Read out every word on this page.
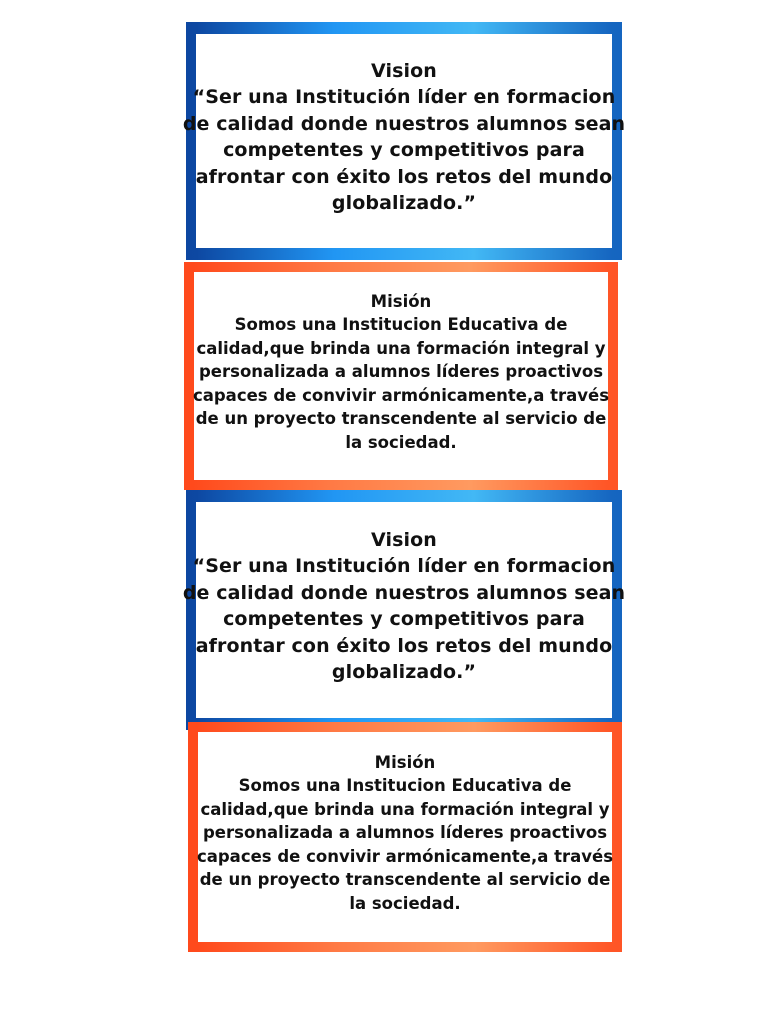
Vision

“Ser una Institución líder en formacion
de calidad donde nuestros alumnos sean
competentes y competitivos para
afrontar con éxito los retos del mundo
globalizado.”

Misión

Somos una Institucion Educativa de
calidad,que brinda una formación integral y
personalizada a alumnos líderes proactivos
capaces de convivir armónicamente,a través
de un proyecto transcendente al servicio de
la sociedad.

Vision

“Ser una Institución líder en formacion
de calidad donde nuestros alumnos sean
competentes y competitivos para
afrontar con éxito los retos del mundo
globalizado.”

Misión

Somos una Institucion Educativa de
calidad,que brinda una formación integral y
personalizada a alumnos líderes proactivos
capaces de convivir armónicamente,a través
de un proyecto transcendente al servicio de
la sociedad.
